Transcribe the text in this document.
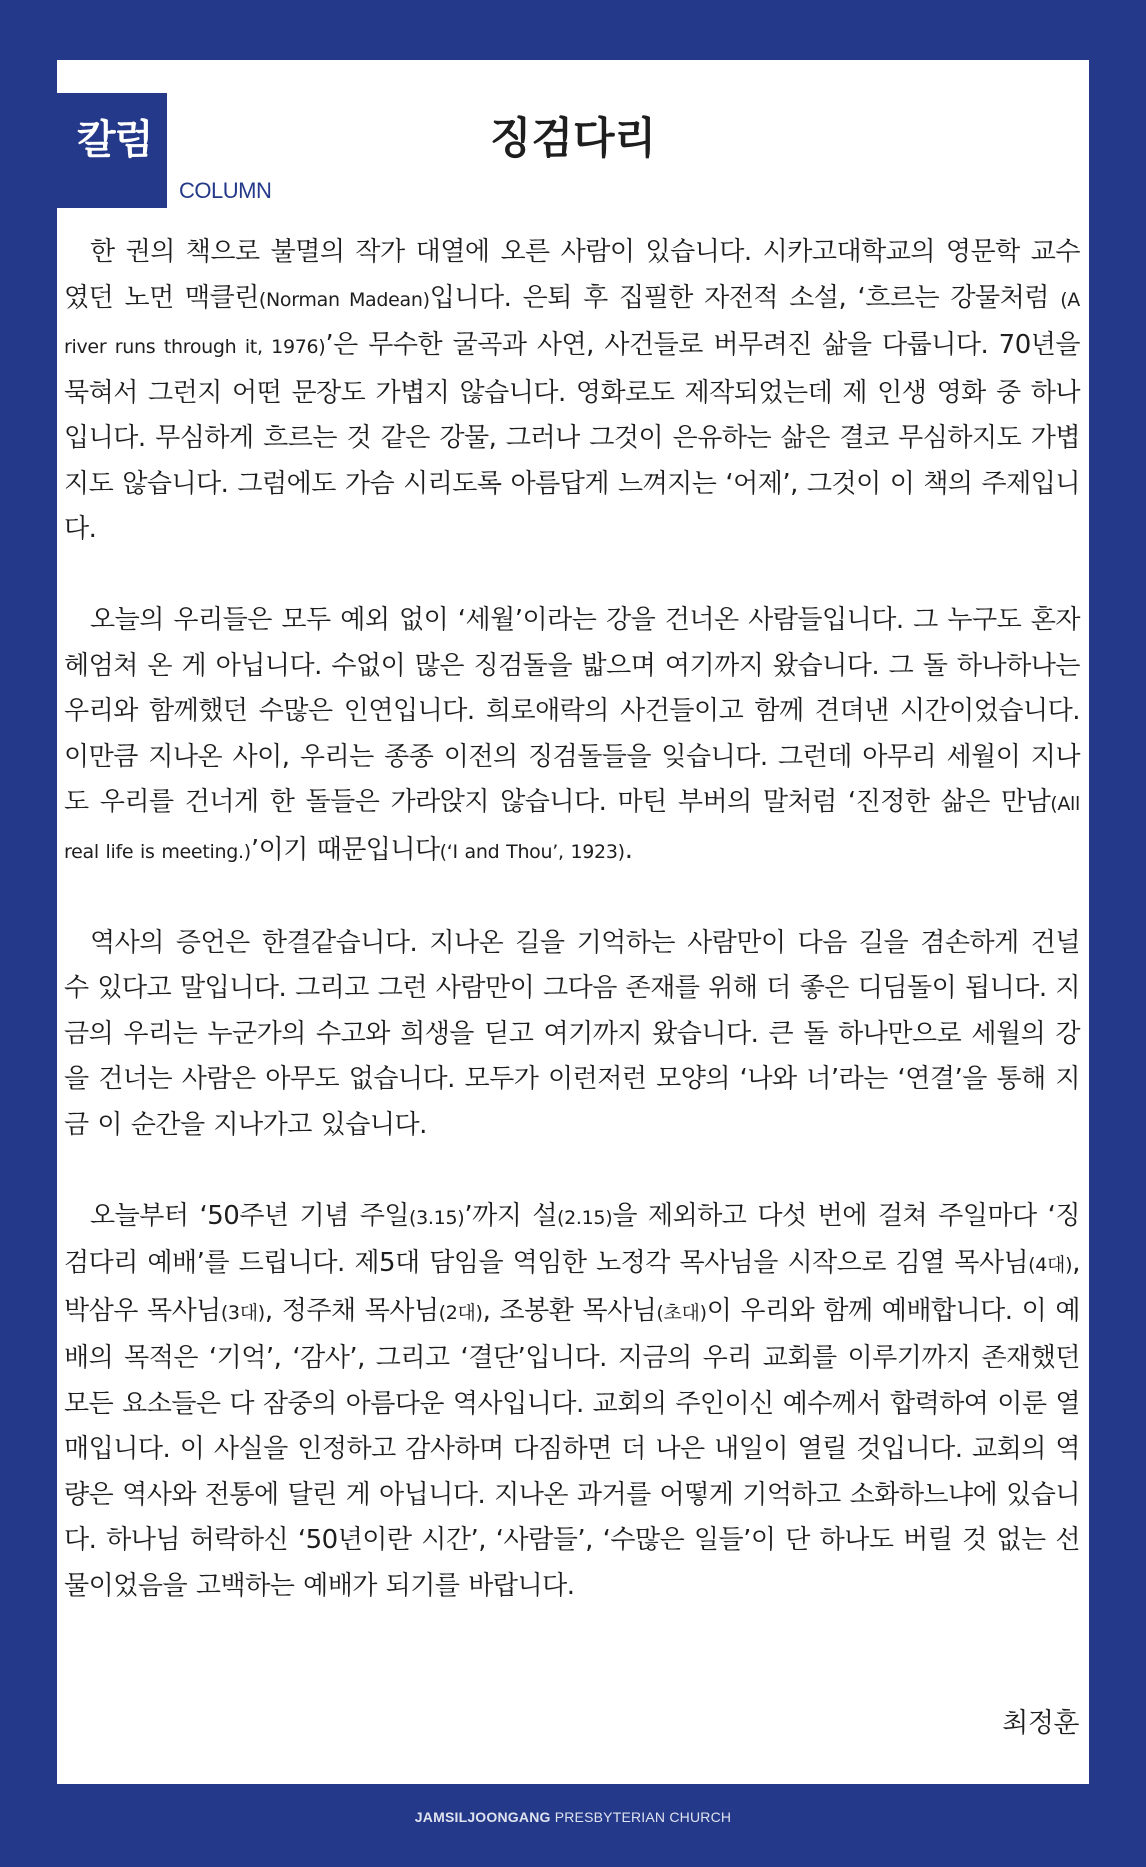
칼럼
COLUMN
징검다리

한 권의 책으로 불멸의 작가 대열에 오른 사람이 있습니다. 시카고대학교의 영문학 교수였던 노먼 맥클린(Norman Madean)입니다. 은퇴 후 집필한 자전적 소설, ‘흐르는 강물처럼 (A river runs through it, 1976)’은 무수한 굴곡과 사연, 사건들로 버무려진 삶을 다룹니다. 70년을 묵혀서 그런지 어떤 문장도 가볍지 않습니다. 영화로도 제작되었는데 제 인생 영화 중 하나입니다. 무심하게 흐르는 것 같은 강물, 그러나 그것이 은유하는 삶은 결코 무심하지도 가볍지도 않습니다. 그럼에도 가슴 시리도록 아름답게 느껴지는 ‘어제’, 그것이 이 책의 주제입니다.

오늘의 우리들은 모두 예외 없이 ‘세월’이라는 강을 건너온 사람들입니다. 그 누구도 혼자 헤엄쳐 온 게 아닙니다. 수없이 많은 징검돌을 밟으며 여기까지 왔습니다. 그 돌 하나하나는 우리와 함께했던 수많은 인연입니다. 희로애락의 사건들이고 함께 견뎌낸 시간이었습니다. 이만큼 지나온 사이, 우리는 종종 이전의 징검돌들을 잊습니다. 그런데 아무리 세월이 지나도 우리를 건너게 한 돌들은 가라앉지 않습니다. 마틴 부버의 말처럼 ‘진정한 삶은 만남(All real life is meeting.)’이기 때문입니다(‘I and Thou’, 1923).

역사의 증언은 한결같습니다. 지나온 길을 기억하는 사람만이 다음 길을 겸손하게 건널 수 있다고 말입니다. 그리고 그런 사람만이 그다음 존재를 위해 더 좋은 디딤돌이 됩니다. 지금의 우리는 누군가의 수고와 희생을 딛고 여기까지 왔습니다. 큰 돌 하나만으로 세월의 강을 건너는 사람은 아무도 없습니다. 모두가 이런저런 모양의 ‘나와 너’라는 ‘연결’을 통해 지금 이 순간을 지나가고 있습니다.

오늘부터 ‘50주년 기념 주일(3.15)’까지 설(2.15)을 제외하고 다섯 번에 걸쳐 주일마다 ‘징검다리 예배’를 드립니다. 제5대 담임을 역임한 노정각 목사님을 시작으로 김열 목사님(4대), 박삼우 목사님(3대), 정주채 목사님(2대), 조봉환 목사님(초대)이 우리와 함께 예배합니다. 이 예배의 목적은 ‘기억’, ‘감사’, 그리고 ‘결단’입니다. 지금의 우리 교회를 이루기까지 존재했던 모든 요소들은 다 잠중의 아름다운 역사입니다. 교회의 주인이신 예수께서 합력하여 이룬 열매입니다. 이 사실을 인정하고 감사하며 다짐하면 더 나은 내일이 열릴 것입니다. 교회의 역량은 역사와 전통에 달린 게 아닙니다. 지나온 과거를 어떻게 기억하고 소화하느냐에 있습니다. 하나님 허락하신 ‘50년이란 시간’, ‘사람들’, ‘수많은 일들’이 단 하나도 버릴 것 없는 선물이었음을 고백하는 예배가 되기를 바랍니다.

최정훈
JAMSILJOONGANG PRESBYTERIAN CHURCH
